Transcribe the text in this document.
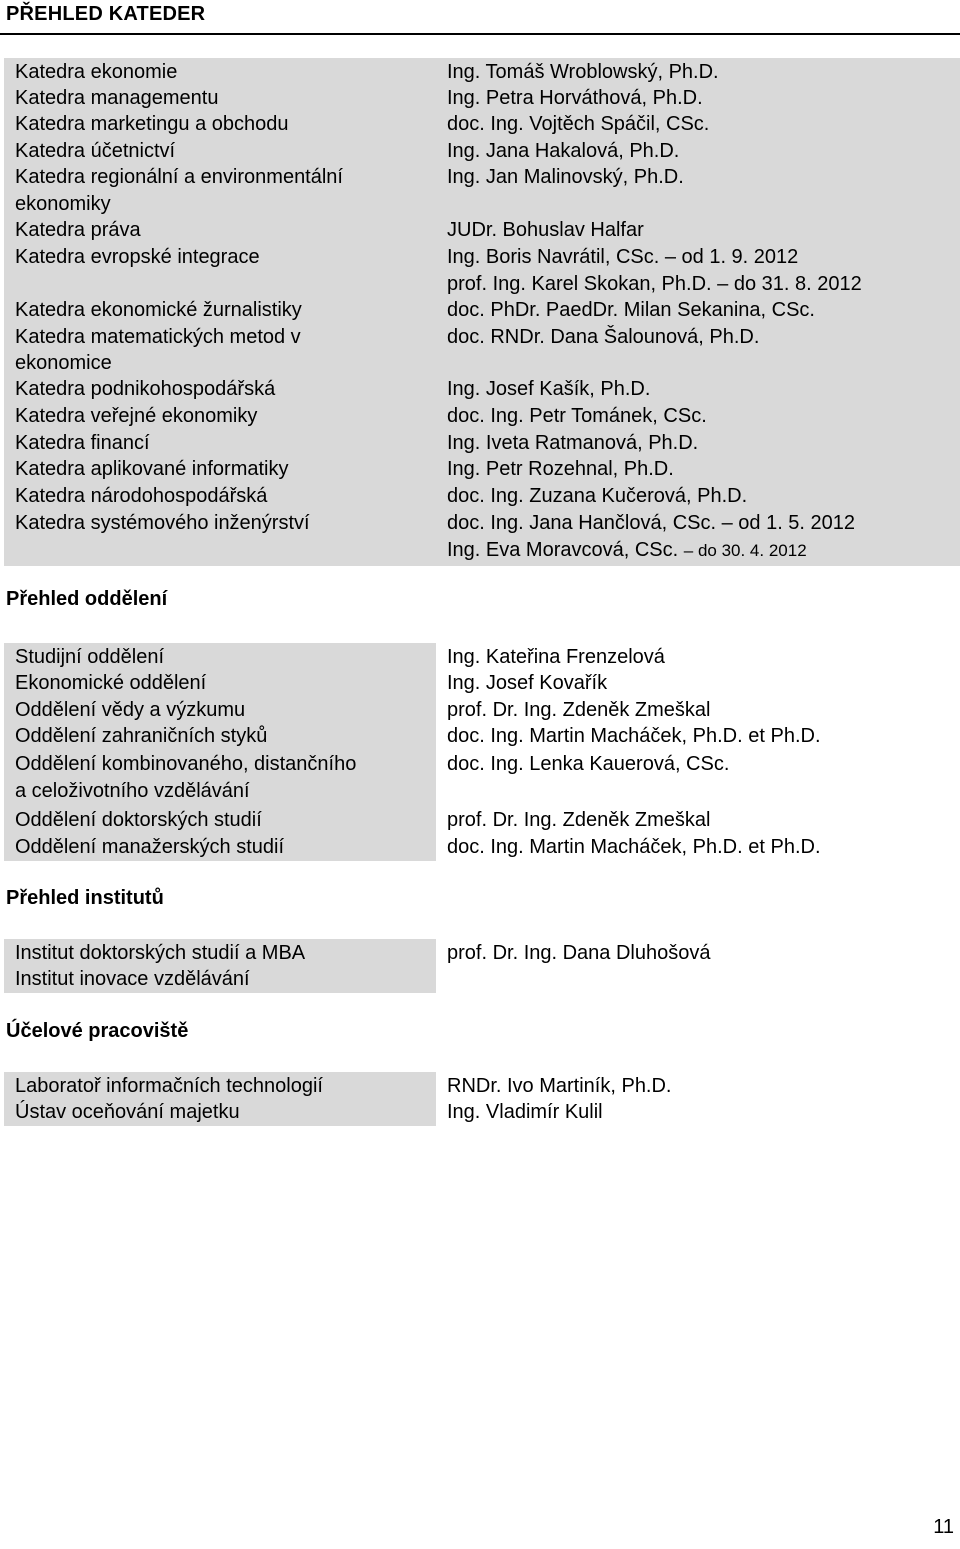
PŘEHLED KATEDER
Katedra ekonomie	Ing. Tomáš Wroblowský, Ph.D.
Katedra managementu	Ing. Petra Horváthová, Ph.D.
Katedra marketingu a obchodu	doc. Ing. Vojtěch Spáčil, CSc.
Katedra účetnictví	Ing. Jana Hakalová, Ph.D.
Katedra regionální a environmentální	Ing. Jan Malinovský, Ph.D.
ekonomiky
Katedra práva	JUDr. Bohuslav Halfar
Katedra evropské integrace	Ing. Boris Navrátil, CSc. – od 1. 9. 2012
prof. Ing. Karel Skokan, Ph.D. – do 31. 8. 2012
Katedra ekonomické žurnalistiky	doc. PhDr. PaedDr. Milan Sekanina, CSc.
Katedra matematických metod v	doc. RNDr. Dana Šalounová, Ph.D.
ekonomice
Katedra podnikohospodářská	Ing. Josef Kašík, Ph.D.
Katedra veřejné ekonomiky	doc. Ing. Petr Tománek, CSc.
Katedra financí	Ing. Iveta Ratmanová, Ph.D.
Katedra aplikované informatiky	Ing. Petr Rozehnal, Ph.D.
Katedra národohospodářská	doc. Ing. Zuzana Kučerová, Ph.D.
Katedra systémového inženýrství	doc. Ing. Jana Hančlová, CSc. – od 1. 5. 2012
Ing. Eva Moravcová, CSc. – do 30. 4. 2012
Přehled oddělení
Studijní oddělení	Ing. Kateřina Frenzelová
Ekonomické oddělení	Ing. Josef Kovařík
Oddělení vědy a výzkumu	prof. Dr. Ing. Zdeněk Zmeškal
Oddělení zahraničních styků	doc. Ing. Martin Macháček, Ph.D. et Ph.D.
Oddělení kombinovaného, distančního	doc. Ing. Lenka Kauerová, CSc.
a celoživotního vzdělávání
Oddělení doktorských studií	prof. Dr. Ing. Zdeněk Zmeškal
Oddělení manažerských studií	doc. Ing. Martin Macháček, Ph.D. et Ph.D.
Přehled institutů
Institut doktorských studií a MBA	prof. Dr. Ing. Dana Dluhošová
Institut inovace vzdělávání
Účelové pracoviště
Laboratoř informačních technologií	RNDr. Ivo Martiník, Ph.D.
Ústav oceňování majetku	Ing. Vladimír Kulil
11
